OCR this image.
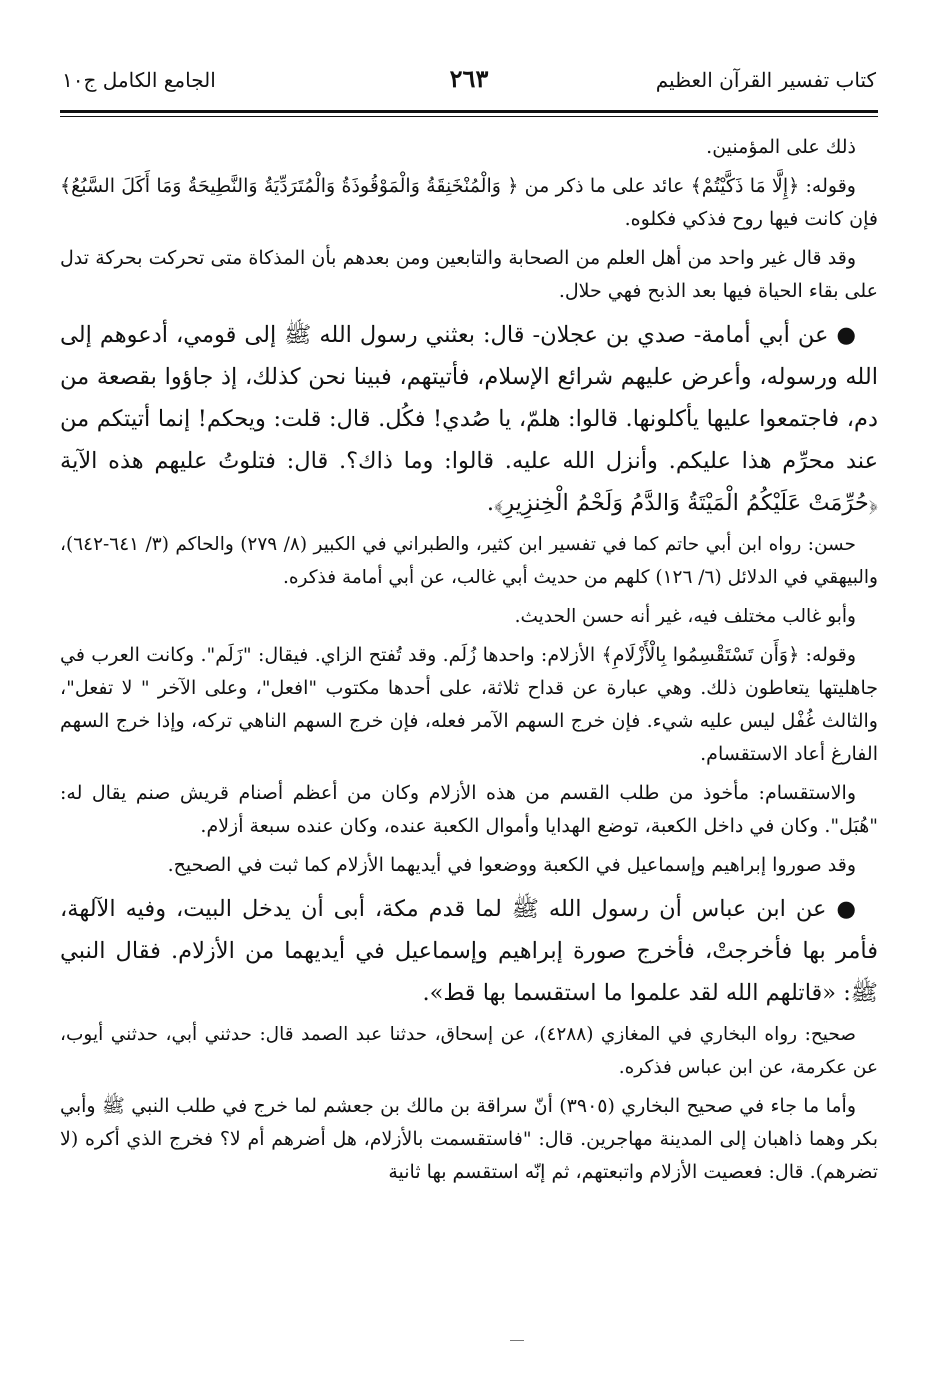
كتاب تفسير القرآن العظيم
٢٦٣
الجامع الكامل ج١٠

ذلك على المؤمنين.

وقوله: ﴿إِلَّا مَا ذَكَّيْتُمْ﴾ عائد على ما ذكر من ﴿ وَالْمُنْخَنِقَةُ وَالْمَوْقُوذَةُ وَالْمُتَرَدِّيَةُ وَالنَّطِيحَةُ وَمَا أَكَلَ السَّبُعُ﴾ فإن كانت فيها روح فذكي فكلوه.

وقد قال غير واحد من أهل العلم من الصحابة والتابعين ومن بعدهم بأن المذكاة متى تحركت بحركة تدل على بقاء الحياة فيها بعد الذبح فهي حلال.

● عن أبي أمامة- صدي بن عجلان- قال: بعثني رسول الله ﷺ إلى قومي، أدعوهم إلى الله ورسوله، وأعرض عليهم شرائع الإسلام، فأتيتهم، فبينا نحن كذلك، إذ جاؤوا بقصعة من دم، فاجتمعوا عليها يأكلونها. قالوا: هلمّ، يا صُدي! فكُل. قال: قلت: ويحكم! إنما أتيتكم من عند محرِّم هذا عليكم. وأنزل الله عليه. قالوا: وما ذاك؟. قال: فتلوتُ عليهم هذه الآية ﴿حُرِّمَتْ عَلَيْكُمُ الْمَيْتَةُ وَالدَّمُ وَلَحْمُ الْخِنزِيرِ﴾.

حسن: رواه ابن أبي حاتم كما في تفسير ابن كثير، والطبراني في الكبير (٨/ ٢٧٩) والحاكم (٣/ ٦٤١-٦٤٢)، والبيهقي في الدلائل (٦/ ١٢٦) كلهم من حديث أبي غالب، عن أبي أمامة فذكره.

وأبو غالب مختلف فيه، غير أنه حسن الحديث.

وقوله: ﴿وَأَن تَسْتَقْسِمُوا بِالْأَزْلَامِ﴾ الأزلام: واحدها زُلَم. وقد تُفتح الزاي. فيقال: "زَلَم". وكانت العرب في جاهليتها يتعاطون ذلك. وهي عبارة عن قداح ثلاثة، على أحدها مكتوب "افعل"، وعلى الآخر " لا تفعل"، والثالث غُفْل ليس عليه شيء. فإن خرج السهم الآمر فعله، فإن خرج السهم الناهي تركه، وإذا خرج السهم الفارغ أعاد الاستقسام.

والاستقسام: مأخوذ من طلب القسم من هذه الأزلام وكان من أعظم أصنام قريش صنم يقال له: "هُبَل". وكان في داخل الكعبة، توضع الهدايا وأموال الكعبة عنده، وكان عنده سبعة أزلام.

وقد صوروا إبراهيم وإسماعيل في الكعبة ووضعوا في أيديهما الأزلام كما ثبت في الصحيح.

● عن ابن عباس أن رسول الله ﷺ لما قدم مكة، أبى أن يدخل البيت، وفيه الآلهة، فأمر بها فأخرجتْ، فأخرج صورة إبراهيم وإسماعيل في أيديهما من الأزلام. فقال النبي ﷺ: «قاتلهم الله لقد علموا ما استقسما بها قط».

صحيح: رواه البخاري في المغازي (٤٢٨٨)، عن إسحاق، حدثنا عبد الصمد قال: حدثني أبي، حدثني أيوب، عن عكرمة، عن ابن عباس فذكره.

وأما ما جاء في صحيح البخاري (٣٩٠٥) أنّ سراقة بن مالك بن جعشم لما خرج في طلب النبي ﷺ وأبي بكر وهما ذاهبان إلى المدينة مهاجرين. قال: "فاستقسمت بالأزلام، هل أضرهم أم لا؟ فخرج الذي أكره (لا تضرهم). قال: فعصيت الأزلام واتبعتهم، ثم إنّه استقسم بها ثانية
